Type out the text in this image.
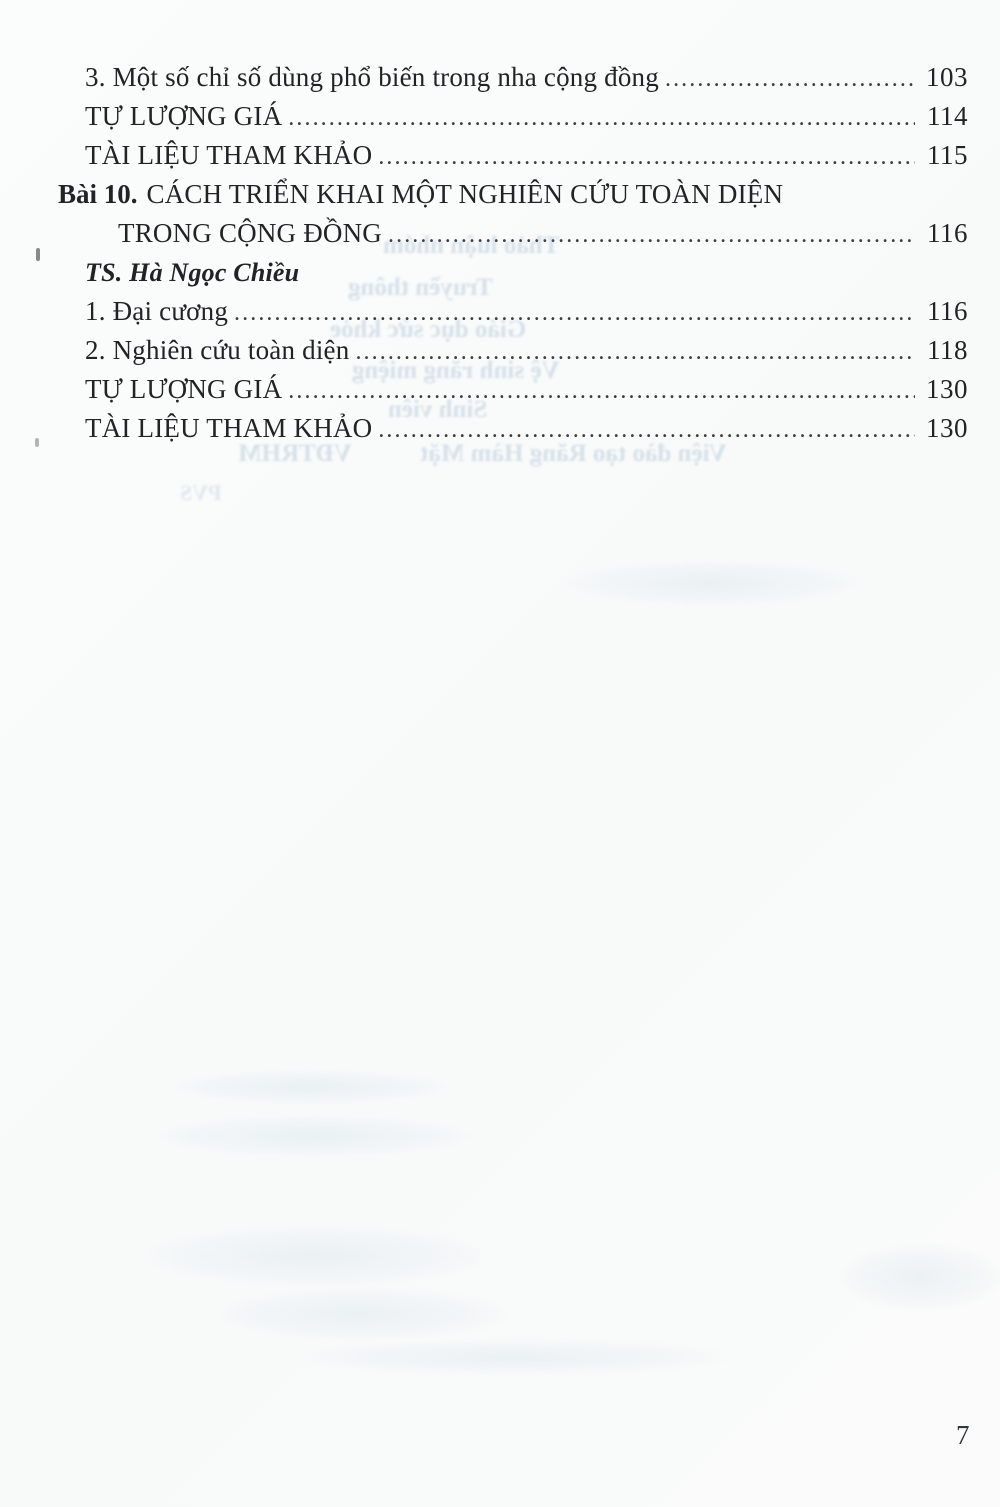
3. Một số chỉ số dùng phổ biến trong nha cộng đồng .....	103
TỰ LƯỢNG GIÁ .....	114
TÀI LIỆU THAM KHẢO .....	115
Bài 10. CÁCH TRIỂN KHAI MỘT NGHIÊN CỨU TOÀN DIỆN
TRONG CỘNG ĐỒNG .....	116
TS. Hà Ngọc Chiều
1. Đại cương .....	116
2. Nghiên cứu toàn diện .....	118
TỰ LƯỢNG GIÁ .....	130
TÀI LIỆU THAM KHẢO .....	130
Thảo luận nhóm
Truyền thông
Giáo dục sức khỏe
Vệ sinh răng miệng
Sinh viên
VĐTRHM	Viện đào tạo Răng Hàm Mặt
PVS
7
